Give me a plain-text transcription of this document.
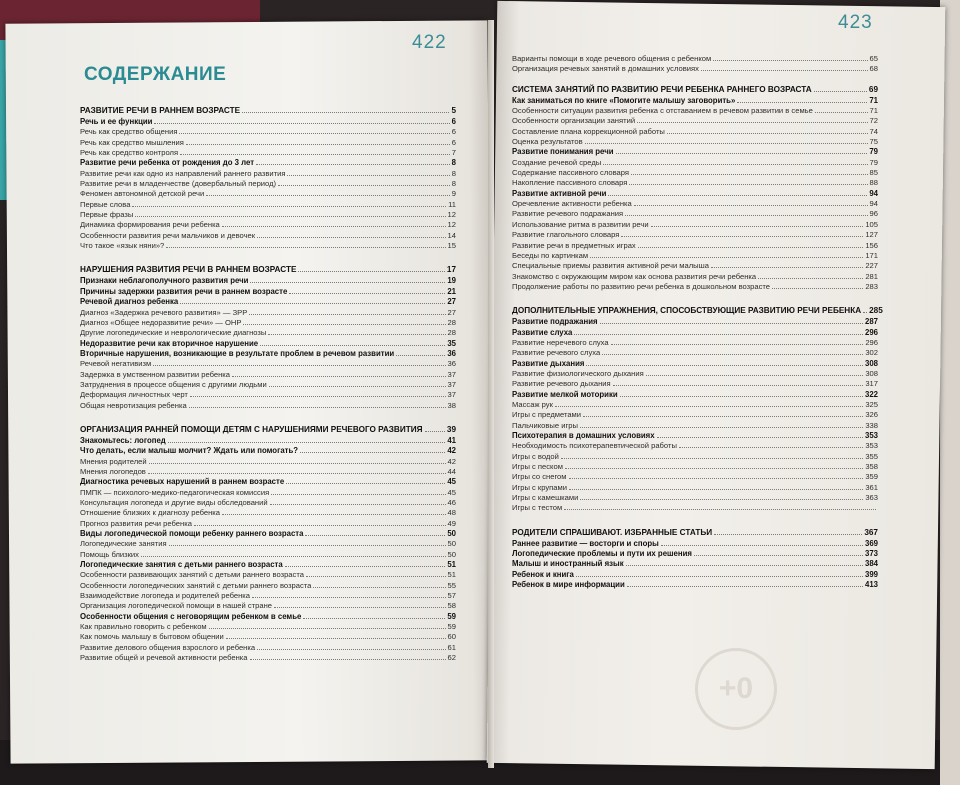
422
423
СОДЕРЖАНИЕ
РАЗВИТИЕ РЕЧИ В РАННЕМ ВОЗРАСТЕ	5
Речь и ее функции	6
Речь как средство общения	6
Речь как средство мышления	6
Речь как средство контроля	7
Развитие речи ребенка от рождения до 3 лет	8
Развитие речи как одно из направлений раннего развития	8
Развитие речи в младенчестве (довербальный период)	8
Феномен автономной детской речи	9
Первые слова	11
Первые фразы	12
Динамика формирования речи ребенка	12
Особенности развития речи мальчиков и девочек	14
Что такое «язык няни»?	15
НАРУШЕНИЯ РАЗВИТИЯ РЕЧИ В РАННЕМ ВОЗРАСТЕ	17
Признаки неблагополучного развития речи	19
Причины задержки развития речи в раннем возрасте	21
Речевой диагноз ребенка	27
Диагноз «Задержка речевого развития» — ЗРР	27
Диагноз «Общее недоразвитие речи» — ОНР	28
Другие логопедические и неврологические диагнозы	28
Недоразвитие речи как вторичное нарушение	35
Вторичные нарушения, возникающие в результате проблем в речевом развитии	36
Речевой негативизм	36
Задержка в умственном развитии ребенка	37
Затруднения в процессе общения с другими людьми	37
Деформация личностных черт	37
Общая невротизация ребенка	38
ОРГАНИЗАЦИЯ РАННЕЙ ПОМОЩИ ДЕТЯМ С НАРУШЕНИЯМИ РЕЧЕВОГО РАЗВИТИЯ	39
Знакомьтесь: логопед	41
Что делать, если малыш молчит? Ждать или помогать?	42
Мнения родителей	42
Мнения логопедов	44
Диагностика речевых нарушений в раннем возрасте	45
ПМПК — психолого-медико-педагогическая комиссия	45
Консультация логопеда и другие виды обследований	46
Отношение близких к диагнозу ребенка	48
Прогноз развития речи ребенка	49
Виды логопедической помощи ребенку раннего возраста	50
Логопедические занятия	50
Помощь близких	50
Логопедические занятия с детьми раннего возраста	51
Особенности развивающих занятий с детьми раннего возраста	51
Особенности логопедических занятий с детьми раннего возраста	55
Взаимодействие логопеда и родителей ребенка	57
Организация логопедической помощи в нашей стране	58
Особенности общения с неговорящим ребенком в семье	59
Как правильно говорить с ребенком	59
Как помочь малышу в бытовом общении	60
Развитие делового общения взрослого и ребенка	61
Развитие общей и речевой активности ребенка	62
Варианты помощи в ходе речевого общения с ребенком	65
Организация речевых занятий в домашних условиях	68
СИСТЕМА ЗАНЯТИЙ ПО РАЗВИТИЮ РЕЧИ РЕБЕНКА РАННЕГО ВОЗРАСТА	69
Как заниматься по книге «Помогите малышу заговорить»	71
Особенности ситуации развития ребенка с отставанием в речевом развитии в семье	71
Особенности организации занятий	72
Составление плана коррекционной работы	74
Оценка результатов	75
Развитие понимания речи	79
Создание речевой среды	79
Содержание пассивного словаря	85
Накопление пассивного словаря	88
Развитие активной речи	94
Оречевление активности ребенка	94
Развитие речевого подражания	96
Использование ритма в развитии речи	105
Развитие глагольного словаря	127
Развитие речи в предметных играх	156
Беседы по картинкам	171
Специальные приемы развития активной речи малыша	227
Знакомство с окружающим миром как основа развития речи ребенка	281
Продолжение работы по развитию речи ребенка в дошкольном возрасте	283
ДОПОЛНИТЕЛЬНЫЕ УПРАЖНЕНИЯ, СПОСОБСТВУЮЩИЕ РАЗВИТИЮ РЕЧИ РЕБЕНКА 285
Развитие подражания	287
Развитие слуха	296
Развитие неречевого слуха	296
Развитие речевого слуха	302
Развитие дыхания	308
Развитие физиологического дыхания	308
Развитие речевого дыхания	317
Развитие мелкой моторики	322
Массаж рук	325
Игры с предметами	326
Пальчиковые игры	338
Психотерапия в домашних условиях	353
Необходимость психотерапевтической работы	353
Игры с водой	355
Игры с песком	358
Игры со снегом	359
Игры с крупами	361
Игры с камешками	363
Игры с тестом
РОДИТЕЛИ СПРАШИВАЮТ. ИЗБРАННЫЕ СТАТЬИ	367
Раннее развитие — восторги и споры	369
Логопедические проблемы и пути их решения	373
Малыш и иностранный язык	384
Ребенок и книга	399
Ребенок в мире информации	413
+0
